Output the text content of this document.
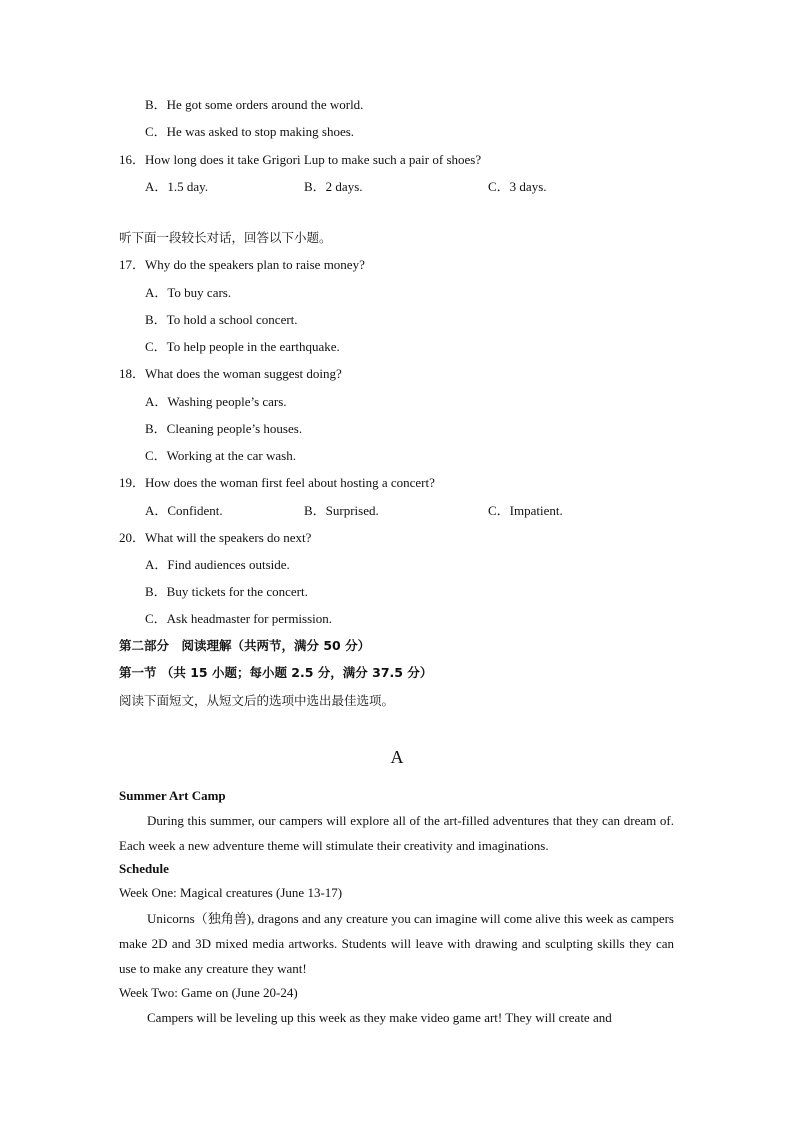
B．He got some orders around the world.
C．He was asked to stop making shoes.
16．How long does it take Grigori Lup to make such a pair of shoes?
A．1.5 day.	B．2 days.	C．3 days.
听下面一段较长对话，回答以下小题。
17．Why do the speakers plan to raise money?
A．To buy cars.
B．To hold a school concert.
C．To help people in the earthquake.
18．What does the woman suggest doing?
A．Washing people’s cars.
B．Cleaning people’s houses.
C．Working at the car wash.
19．How does the woman first feel about hosting a concert?
A．Confident.	B．Surprised.	C．Impatient.
20．What will the speakers do next?
A．Find audiences outside.
B．Buy tickets for the concert.
C．Ask headmaster for permission.
第二部分　阅读理解（共两节，满分 50 分）
第一节 （共 15 小题；每小题 2.5 分，满分 37.5 分）
阅读下面短文，从短文后的选项中选出最佳选项。
A
Summer Art Camp
During this summer, our campers will explore all of the art-filled adventures that they can dream of. Each week a new adventure theme will stimulate their creativity and imaginations.
Schedule
Week One: Magical creatures (June 13-17)
Unicorns（独角兽), dragons and any creature you can imagine will come alive this week as campers make 2D and 3D mixed media artworks. Students will leave with drawing and sculpting skills they can use to make any creature they want!
Week Two: Game on (June 20-24)
Campers will be leveling up this week as they make video game art! They will create and
